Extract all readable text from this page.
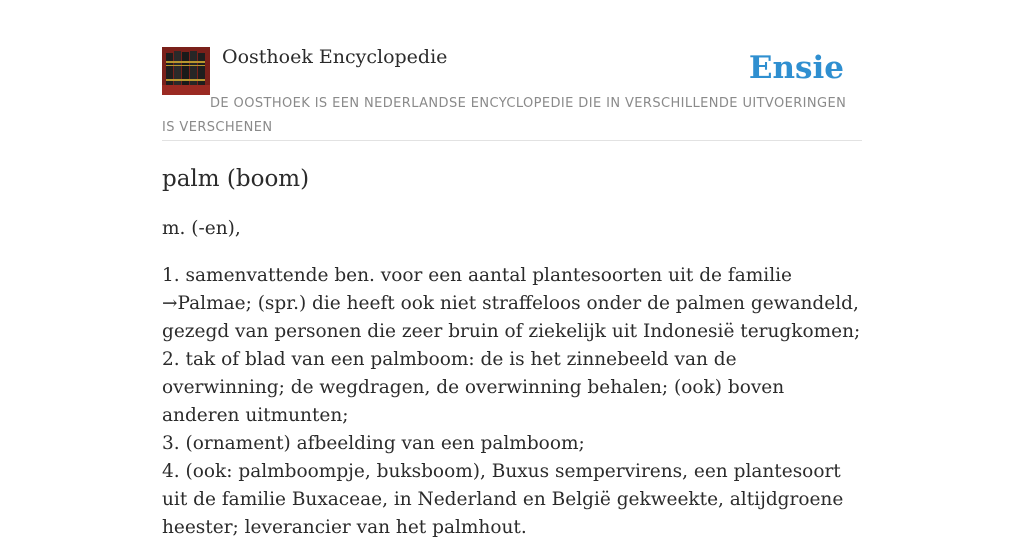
Oosthoek Encyclopedie	Ensie
DE OOSTHOEK IS EEN NEDERLANDSE ENCYCLOPEDIE DIE IN VERSCHILLENDE UITVOERINGEN IS VERSCHENEN
palm (boom)

m. (-en),

1. samenvattende ben. voor een aantal plantesoorten uit de familie →Palmae; (spr.) die heeft ook niet straffeloos onder de palmen gewandeld, gezegd van personen die zeer bruin of ziekelijk uit Indonesië terugkomen;
2. tak of blad van een palmboom: de is het zinnebeeld van de overwinning; de wegdragen, de overwinning behalen; (ook) boven anderen uitmunten;
3. (ornament) afbeelding van een palmboom;
4. (ook: palmboompje, buksboom), Buxus sempervirens, een plantesoort uit de familie Buxaceae, in Nederland en België gekweekte, altijdgroene heester; leverancier van het palmhout.
